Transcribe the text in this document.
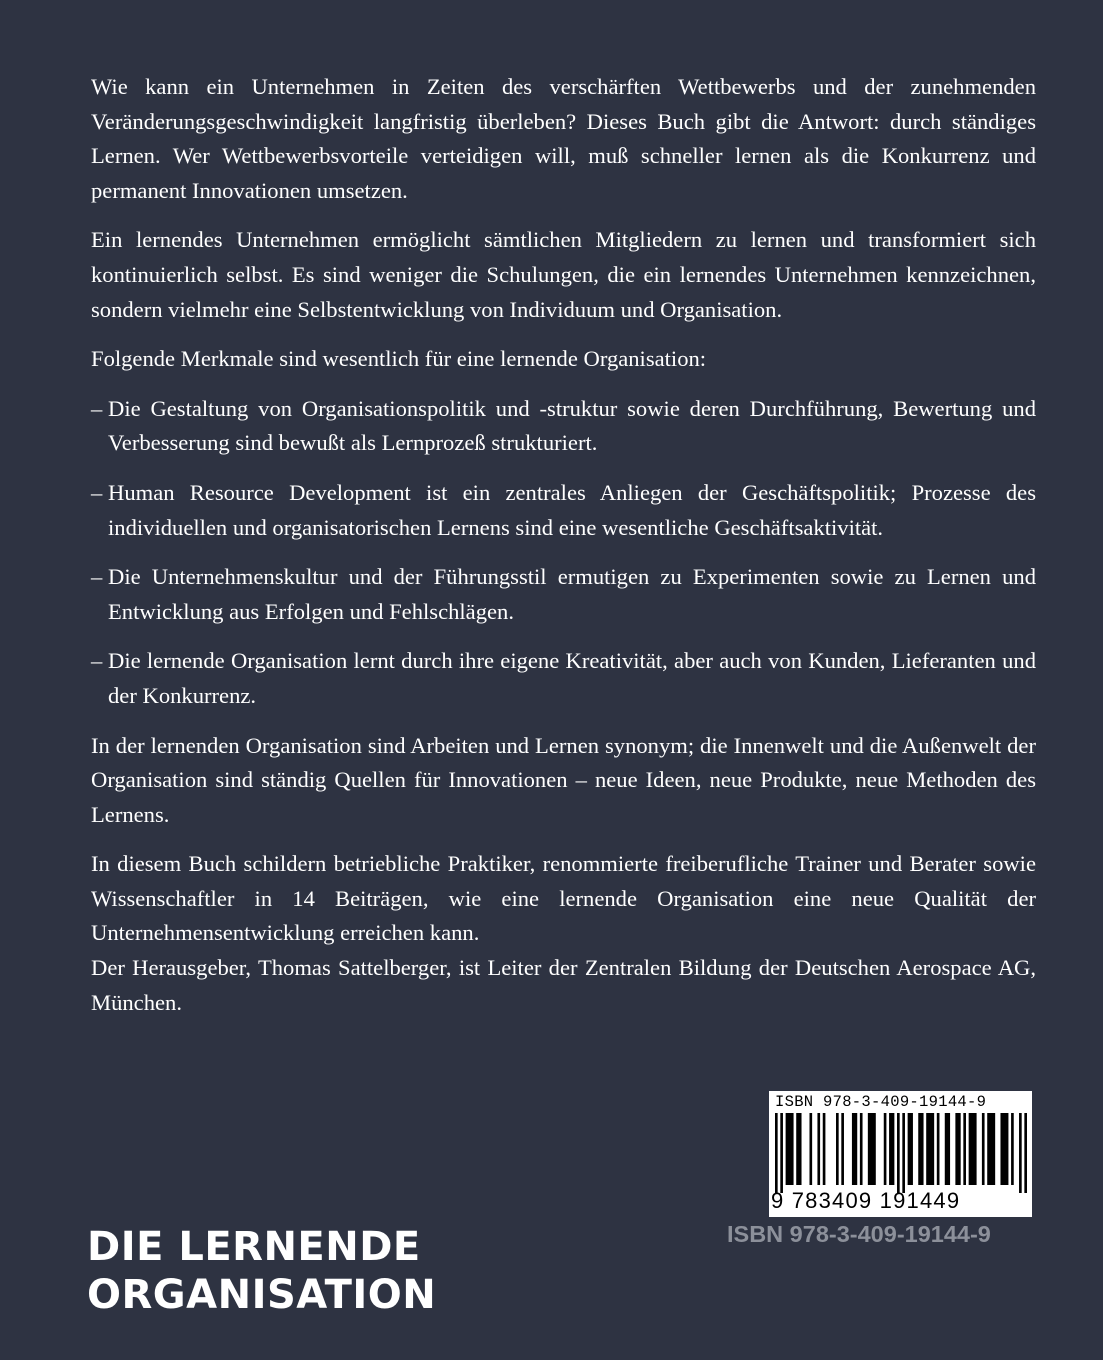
Wie kann ein Unternehmen in Zeiten des verschärften Wettbewerbs und der zunehmenden Veränderungsgeschwindigkeit langfristig überleben? Dieses Buch gibt die Antwort: durch ständiges Lernen. Wer Wettbewerbsvorteile verteidigen will, muß schneller lernen als die Konkurrenz und permanent Innovationen umsetzen.

Ein lernendes Unternehmen ermöglicht sämtlichen Mitgliedern zu lernen und transformiert sich kontinuierlich selbst. Es sind weniger die Schulungen, die ein lernendes Unternehmen kennzeichnen, sondern vielmehr eine Selbstentwicklung von Individuum und Organisation.

Folgende Merkmale sind wesentlich für eine lernende Organisation:

– Die Gestaltung von Organisationspolitik und -struktur sowie deren Durchführung, Bewertung und Verbesserung sind bewußt als Lernprozeß strukturiert.

– Human Resource Development ist ein zentrales Anliegen der Geschäftspolitik; Prozesse des individuellen und organisatorischen Lernens sind eine wesentliche Geschäftsaktivität.

– Die Unternehmenskultur und der Führungsstil ermutigen zu Experimenten sowie zu Lernen und Entwicklung aus Erfolgen und Fehlschlägen.

– Die lernende Organisation lernt durch ihre eigene Kreativität, aber auch von Kunden, Lieferanten und der Konkurrenz.

In der lernenden Organisation sind Arbeiten und Lernen synonym; die Innenwelt und die Außenwelt der Organisation sind ständig Quellen für Innovationen – neue Ideen, neue Produkte, neue Methoden des Lernens.

In diesem Buch schildern betriebliche Praktiker, renommierte freiberufliche Trainer und Berater sowie Wissenschaftler in 14 Beiträgen, wie eine lernende Organisation eine neue Qualität der Unternehmensentwicklung erreichen kann.

Der Herausgeber, Thomas Sattelberger, ist Leiter der Zentralen Bildung der Deutschen Aerospace AG, München.

ISBN 978-3-409-19144-9
9 783409 191449
ISBN 978-3-409-19144-9
DIE LERNENDE
ORGANISATION
